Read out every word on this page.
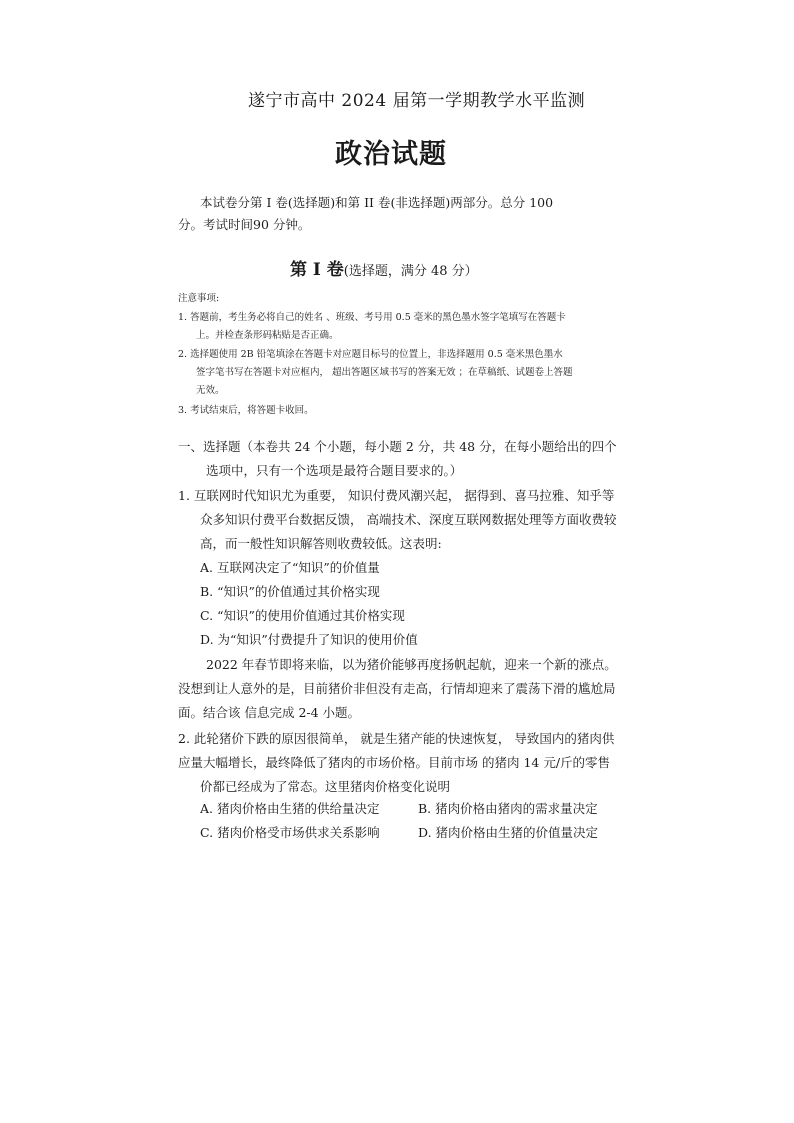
遂宁市高中 2024 届第一学期教学水平监测
政治试题
本试卷分第 I 卷(选择题)和第 II 卷(非选择题)两部分。总分 100
分。考试时间90 分钟。
第 Ⅰ 卷(选择题，满分 48 分）
注意事项:
1. 答题前，考生务必将自己的姓名 、班级、考号用 0.5 毫米的黑色墨水签字笔填写在答题卡
上。并检查条形码粘贴是否正确。
2. 选择题使用 2B 铅笔填涂在答题卡对应题目标号的位置上，非选择题用 0.5 毫米黑色墨水
签字笔书写在答题卡对应框内， 超出答题区域书写的答案无效 ；在草稿纸、试题卷上答题
无效。
3. 考试结束后，将答题卡收回。
一、选择题（本卷共 24 个小题，每小题 2 分，共 48 分，在每小题给出的四个
选项中，只有一个选项是最符合题目要求的。）
1. 互联网时代知识尤为重要， 知识付费风潮兴起， 据得到、喜马拉雅、知乎等
众多知识付费平台数据反馈， 高端技术、深度互联网数据处理等方面收费较
高，而一般性知识解答则收费较低。这表明:
A. 互联网决定了“知识”的价值量
B. “知识”的价值通过其价格实现
C. “知识”的使用价值通过其价格实现
D. 为“知识”付费提升了知识的使用价值
2022 年春节即将来临，以为猪价能够再度扬帆起航，迎来一个新的涨点。
没想到让人意外的是，目前猪价非但没有走高，行情却迎来了震荡下滑的尴尬局
面。结合该 信息完成 2-4 小题。
2. 此轮猪价下跌的原因很简单， 就是生猪产能的快速恢复， 导致国内的猪肉供
应量大幅增长，最终降低了猪肉的市场价格。目前市场 的猪肉 14 元/斤的零售
价都已经成为了常态。这里猪肉价格变化说明
A. 猪肉价格由生猪的供给量决定	B. 猪肉价格由猪肉的需求量决定
C. 猪肉价格受市场供求关系影响	D. 猪肉价格由生猪的价值量决定
